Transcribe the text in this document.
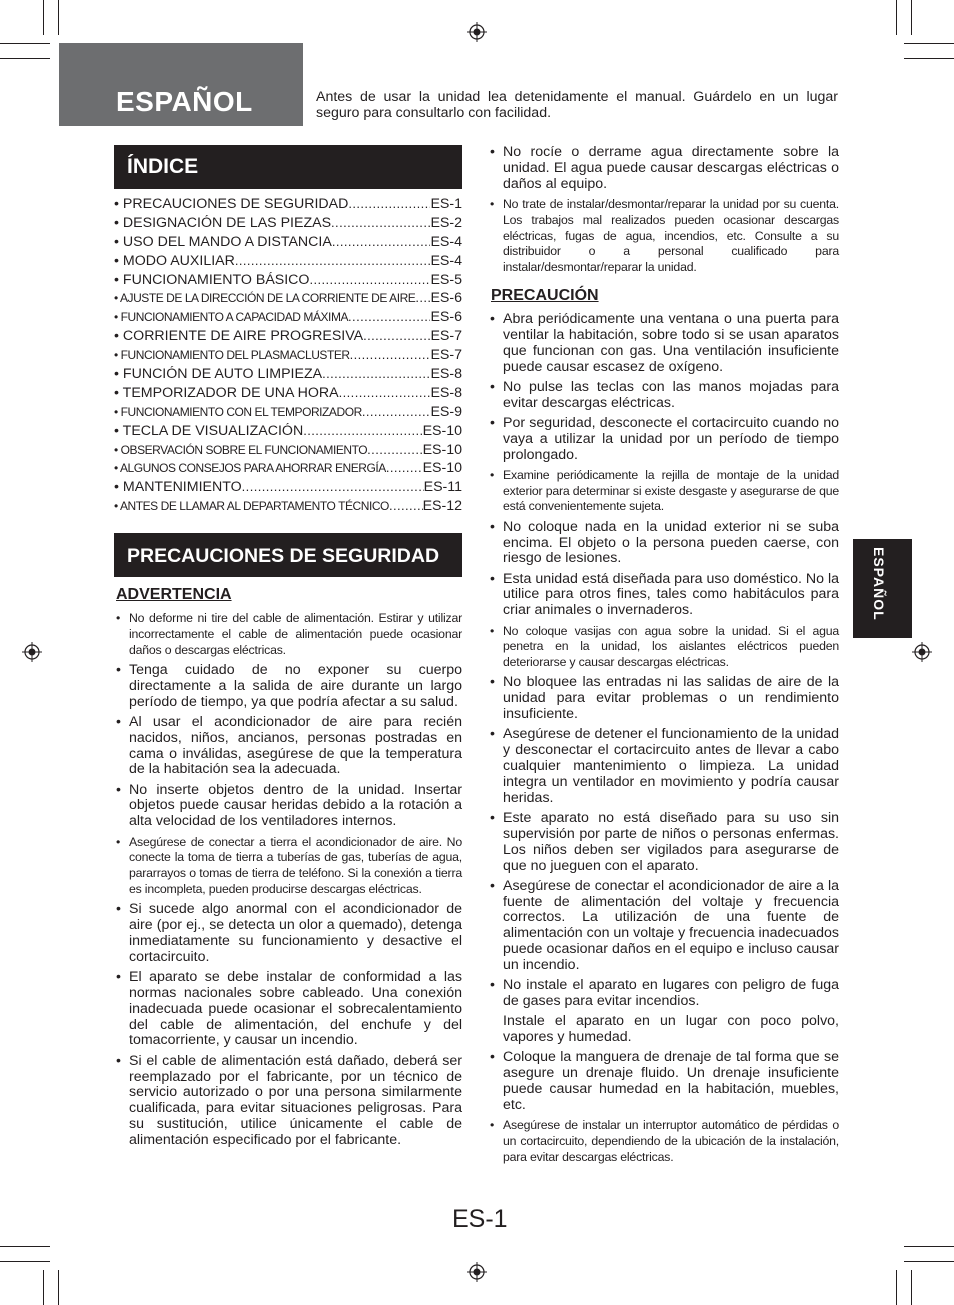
ESPAÑOL	Antes de usar la unidad lea detenidamente el manual. Guárdelo en un lugar seguro para consultarlo con facilidad.
ÍNDICE
• PRECAUCIONES DE SEGURIDAD .....	ES-1
• DESIGNACIÓN DE LAS PIEZAS .....	ES-2
• USO DEL MANDO A DISTANCIA .....	ES-4
• MODO AUXILIAR .....	ES-4
• FUNCIONAMIENTO BÁSICO .....	ES-5
• AJUSTE DE LA DIRECCIÓN DE LA CORRIENTE DE AIRE ..... ES-6
• FUNCIONAMIENTO A CAPACIDAD MÁXIMA .....	ES-6
• CORRIENTE DE AIRE PROGRESIVA .....	ES-7
• FUNCIONAMIENTO DEL PLASMACLUSTER .....	ES-7
• FUNCIÓN DE AUTO LIMPIEZA .....	ES-8
• TEMPORIZADOR DE UNA HORA .....	ES-8
• FUNCIONAMIENTO CON EL TEMPORIZADOR .....	ES-9
• TECLA DE VISUALIZACIÓN .....	ES-10
• OBSERVACIÓN SOBRE EL FUNCIONAMIENTO .....	ES-10
• ALGUNOS CONSEJOS PARA AHORRAR ENERGÍA .....	ES-10
• MANTENIMIENTO .....	ES-11
• ANTES DE LLAMAR AL DEPARTAMENTO TÉCNICO ..... ES-12
PRECAUCIONES DE SEGURIDAD
ADVERTENCIA
• No deforme ni tire del cable de alimentación. Estirar y utilizar incorrectamente el cable de alimentación puede ocasionar daños o descargas eléctricas.
• Tenga cuidado de no exponer su cuerpo directamente a la salida de aire durante un largo período de tiempo, ya que podría afectar a su salud.
• Al usar el acondicionador de aire para recién nacidos, niños, ancianos, personas postradas en cama o inválidas, asegúrese de que la temperatura de la habitación sea la adecuada.
• No inserte objetos dentro de la unidad. Insertar objetos puede causar heridas debido a la rotación a alta velocidad de los ventiladores internos.
• Asegúrese de conectar a tierra el acondicionador de aire. No conecte la toma de tierra a tuberías de gas, tuberías de agua, pararrayos o tomas de tierra de teléfono. Si la conexión a tierra es incompleta, pueden producirse descargas eléctricas.
• Si sucede algo anormal con el acondicionador de aire (por ej., se detecta un olor a quemado), detenga inmediatamente su funcionamiento y desactive el cortacircuito.
• El aparato se debe instalar de conformidad a las normas nacionales sobre cableado. Una conexión inadecuada puede ocasionar el sobrecalentamiento del cable de alimentación, del enchufe y del tomacorriente, y causar un incendio.
• Si el cable de alimentación está dañado, deberá ser reemplazado por el fabricante, por un técnico de servicio autorizado o por una persona similarmente cualificada, para evitar situaciones peligrosas. Para su sustitución, utilice únicamente el cable de alimentación especificado por el fabricante.
• No rocíe o derrame agua directamente sobre la unidad. El agua puede causar descargas eléctricas o daños al equipo.
• No trate de instalar/desmontar/reparar la unidad por su cuenta. Los trabajos mal realizados pueden ocasionar descargas eléctricas, fugas de agua, incendios, etc. Consulte a su distribuidor o a personal cualificado para instalar/desmontar/reparar la unidad.
PRECAUCIÓN
• Abra periódicamente una ventana o una puerta para ventilar la habitación, sobre todo si se usan aparatos que funcionan con gas. Una ventilación insuficiente puede causar escasez de oxígeno.
• No pulse las teclas con las manos mojadas para evitar descargas eléctricas.
• Por seguridad, desconecte el cortacircuito cuando no vaya a utilizar la unidad por un período de tiempo prolongado.
• Examine periódicamente la rejilla de montaje de la unidad exterior para determinar si existe desgaste y asegurarse de que está convenientemente sujeta.
• No coloque nada en la unidad exterior ni se suba encima. El objeto o la persona pueden caerse, con riesgo de lesiones.
• Esta unidad está diseñada para uso doméstico. No la utilice para otros fines, tales como habitáculos para criar animales o invernaderos.
• No coloque vasijas con agua sobre la unidad. Si el agua penetra en la unidad, los aislantes eléctricos pueden deteriorarse y causar descargas eléctricas.
• No bloquee las entradas ni las salidas de aire de la unidad para evitar problemas o un rendimiento insuficiente.
• Asegúrese de detener el funcionamiento de la unidad y desconectar el cortacircuito antes de llevar a cabo cualquier mantenimiento o limpieza. La unidad integra un ventilador en movimiento y podría causar heridas.
• Este aparato no está diseñado para su uso sin supervisión por parte de niños o personas enfermas. Los niños deben ser vigilados para asegurarse de que no jueguen con el aparato.
• Asegúrese de conectar el acondicionador de aire a la fuente de alimentación del voltaje y frecuencia correctos. La utilización de una fuente de alimentación con un voltaje y frecuencia inadecuados puede ocasionar daños en el equipo e incluso causar un incendio.
• No instale el aparato en lugares con peligro de fuga de gases para evitar incendios.
Instale el aparato en un lugar con poco polvo, vapores y humedad.
• Coloque la manguera de drenaje de tal forma que se asegure un drenaje fluido. Un drenaje insuficiente puede causar humedad en la habitación, muebles, etc.
• Asegúrese de instalar un interruptor automático de pérdidas o un cortacircuito, dependiendo de la ubicación de la instalación, para evitar descargas eléctricas.
ESPAÑOL
ES-1
